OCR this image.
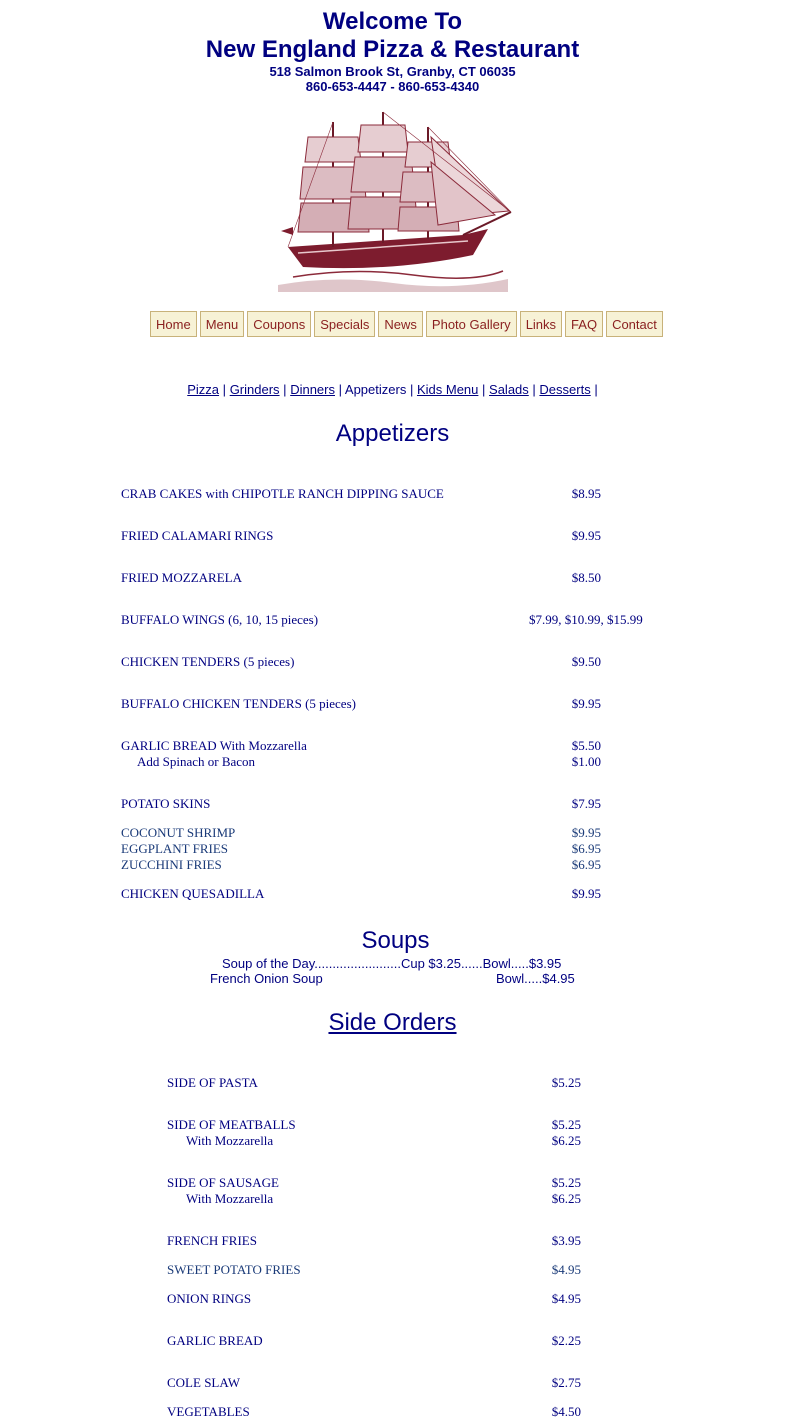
Welcome To
New England Pizza & Restaurant
518 Salmon Brook St, Granby, CT 06035
860-653-4447 - 860-653-4340
Home	Menu	Coupons	Specials	News	Photo Gallery	Links	FAQ	Contact
Pizza | Grinders | Dinners | Appetizers | Kids Menu | Salads | Desserts |
Appetizers
CRAB CAKES with CHIPOTLE RANCH DIPPING SAUCE	$8.95
FRIED CALAMARI RINGS	$9.95
FRIED MOZZARELA	$8.50
BUFFALO WINGS (6, 10, 15 pieces)	$7.99, $10.99, $15.99
CHICKEN TENDERS (5 pieces)	$9.50
BUFFALO CHICKEN TENDERS (5 pieces)	$9.95
GARLIC BREAD With Mozzarella	$5.50
Add Spinach or Bacon	$1.00
POTATO SKINS	$7.95
COCONUT SHRIMP	$9.95
EGGPLANT FRIES	$6.95
ZUCCHINI FRIES	$6.95
CHICKEN QUESADILLA	$9.95
Soups
Soup of the Day........................Cup $3.25......Bowl.....$3.95
French Onion Soup	Bowl.....$4.95
Side Orders
SIDE OF PASTA	$5.25
SIDE OF MEATBALLS	$5.25
With Mozzarella	$6.25
SIDE OF SAUSAGE	$5.25
With Mozzarella	$6.25
FRENCH FRIES	$3.95
SWEET POTATO FRIES	$4.95
ONION RINGS	$4.95
GARLIC BREAD	$2.25
COLE SLAW	$2.75
VEGETABLES	$4.50
